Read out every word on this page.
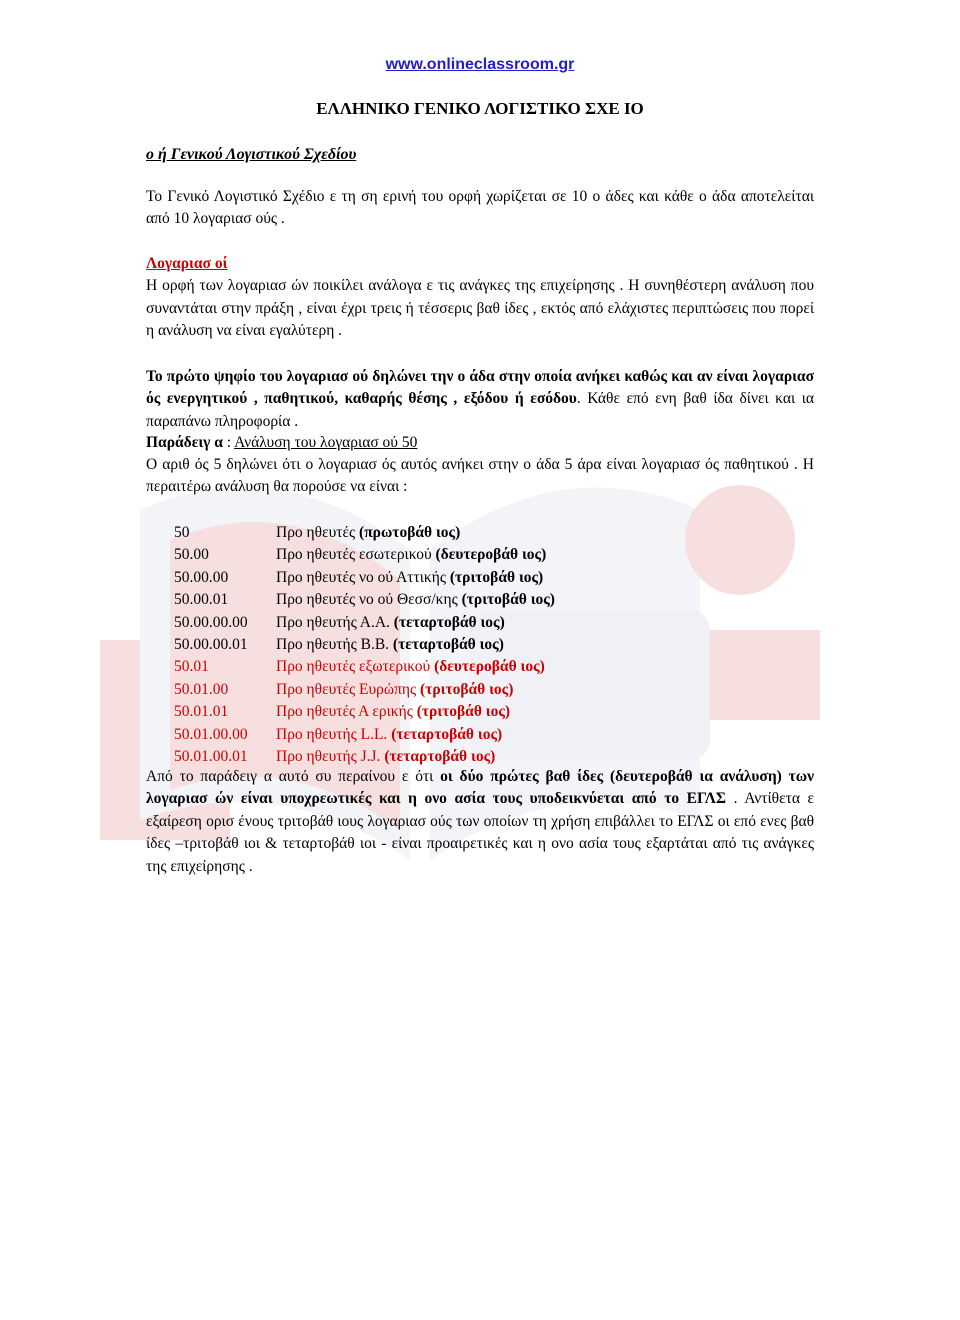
www.onlineclassroom.gr
ΕΛΛΗΝΙΚΟ ΓΕΝΙΚΟ ΛΟΓΙΣΤΙΚΟ ΣΧΕ ΙΟ
ο ή Γενικού Λογιστικού Σχεδίου

Το Γενικό Λογιστικό Σχέδιο ε τη ση ερινή του ορφή χωρίζεται σε 10 ο άδες και κάθε ο άδα αποτελείται από 10 λογαριασ ούς .

Λογαριασ οί
Η ορφή των λογαριασ ών ποικίλει ανάλογα ε τις ανάγκες της επιχείρησης . Η συνηθέστερη ανάλυση που συναντάται στην πράξη , είναι έχρι τρεις ή τέσσερις βαθ ίδες , εκτός από ελάχιστες περιπτώσεις που πορεί η ανάλυση να είναι εγαλύτερη .

Το πρώτο ψηφίο του λογαριασ ού δηλώνει την ο άδα στην οποία ανήκει καθώς και αν είναι λογαριασ ός ενεργητικού , παθητικού, καθαρής θέσης , εξόδου ή εσόδου. Κάθε επό ενη βαθ ίδα δίνει και ια παραπάνω πληροφορία .

Παράδειγ α : Ανάλυση του λογαριασ ού 50

Ο αριθ ός 5 δηλώνει ότι ο λογαριασ ός αυτός ανήκει στην ο άδα 5 άρα είναι λογαριασ ός παθητικού . Η περαιτέρω ανάλυση θα πορούσε να είναι :

50	Προ ηθευτές (πρωτοβάθ ιος)
50.00	Προ ηθευτές εσωτερικού (δευτεροβάθ ιος)
50.00.00	Προ ηθευτές νο ού Αττικής (τριτοβάθ ιος)
50.00.01	Προ ηθευτές νο ού Θεσσ/κης (τριτοβάθ ιος)
50.00.00.00	Προ ηθευτής Α.Α. (τεταρτοβάθ ιος)
50.00.00.01	Προ ηθευτής Β.Β. (τεταρτοβάθ ιος)
50.01	Προ ηθευτές εξωτερικού (δευτεροβάθ ιος)
50.01.00	Προ ηθευτές Ευρώπης (τριτοβάθ ιος)
50.01.01	Προ ηθευτές Α ερικής (τριτοβάθ ιος)
50.01.00.00	Προ ηθευτής L.L. (τεταρτοβάθ ιος)
50.01.00.01	Προ ηθευτής J.J. (τεταρτοβάθ ιος)

Από το παράδειγ α αυτό συ περαίνου ε ότι οι δύο πρώτες βαθ ίδες (δευτεροβάθ ια ανάλυση) των λογαριασ ών είναι υποχρεωτικές και η ονο ασία τους υποδεικνύεται από το ΕΓΛΣ . Αντίθετα ε εξαίρεση ορισ ένους τριτοβάθ ιους λογαριασ ούς των οποίων τη χρήση επιβάλλει το ΕΓΛΣ οι επό ενες βαθ ίδες –τριτοβάθ ιοι & τεταρτοβάθ ιοι - είναι προαιρετικές και η ονο ασία τους εξαρτάται από τις ανάγκες της επιχείρησης .
